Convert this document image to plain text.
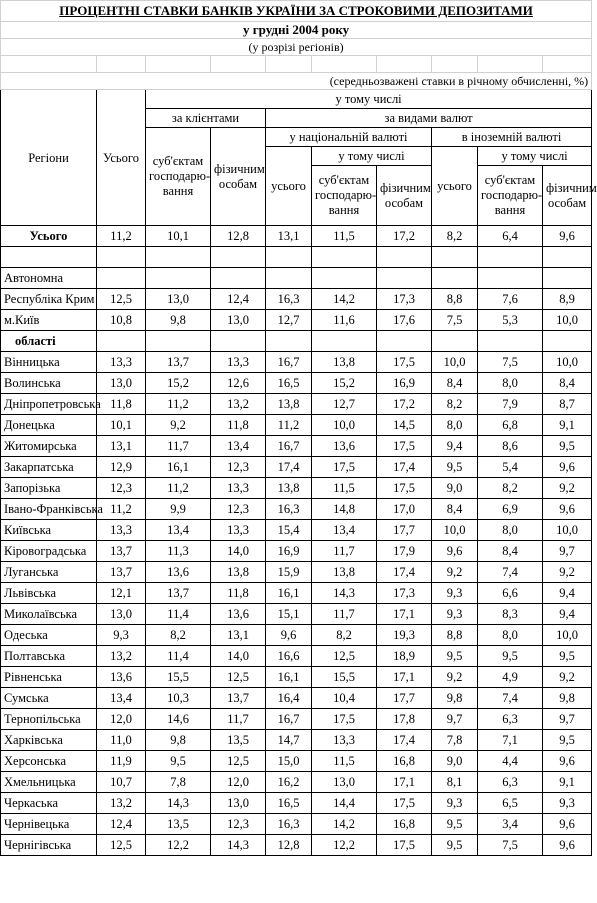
ПРОЦЕНТНІ СТАВКИ БАНКІВ УКРАЇНИ ЗА СТРОКОВИМИ ДЕПОЗИТАМИ									
у грудні 2004 року									
(у розрізі регіонів)									

(середньозважені ставки в річному обчисленні, %)									
Регіони	Усього	у тому числі							
		за клієнтами		за видами валют					
		суб'єктам господарю-вання	фізичним особам	у національній валюті			в іноземній валюті		
				усього	у тому числі		усього	у тому числі	
					суб'єктам господарю-вання	фізичним особам		суб'єктам господарю-вання	фізичним особам
Усього	11,2	10,1	12,8	13,1	11,5	17,2	8,2	6,4	9,6

Автономна									
Республіка Крим	12,5	13,0	12,4	16,3	14,2	17,3	8,8	7,6	8,9
м.Київ	10,8	9,8	13,0	12,7	11,6	17,6	7,5	5,3	10,0
області									
Вінницька	13,3	13,7	13,3	16,7	13,8	17,5	10,0	7,5	10,0
Волинська	13,0	15,2	12,6	16,5	15,2	16,9	8,4	8,0	8,4
Дніпропетровська	11,8	11,2	13,2	13,8	12,7	17,2	8,2	7,9	8,7
Донецька	10,1	9,2	11,8	11,2	10,0	14,5	8,0	6,8	9,1
Житомирська	13,1	11,7	13,4	16,7	13,6	17,5	9,4	8,6	9,5
Закарпатська	12,9	16,1	12,3	17,4	17,5	17,4	9,5	5,4	9,6
Запорізька	12,3	11,2	13,3	13,8	11,5	17,5	9,0	8,2	9,2
Івано-Франківська	11,2	9,9	12,3	16,3	14,8	17,0	8,4	6,9	9,6
Київська	13,3	13,4	13,3	15,4	13,4	17,7	10,0	8,0	10,0
Кіровоградська	13,7	11,3	14,0	16,9	11,7	17,9	9,6	8,4	9,7
Луганська	13,7	13,6	13,8	15,9	13,8	17,4	9,2	7,4	9,2
Львівська	12,1	13,7	11,8	16,1	14,3	17,3	9,3	6,6	9,4
Миколаївська	13,0	11,4	13,6	15,1	11,7	17,1	9,3	8,3	9,4
Одеська	9,3	8,2	13,1	9,6	8,2	19,3	8,8	8,0	10,0
Полтавська	13,2	11,4	14,0	16,6	12,5	18,9	9,5	9,5	9,5
Рівненська	13,6	15,5	12,5	16,1	15,5	17,1	9,2	4,9	9,2
Сумська	13,4	10,3	13,7	16,4	10,4	17,7	9,8	7,4	9,8
Тернопільська	12,0	14,6	11,7	16,7	17,5	17,8	9,7	6,3	9,7
Харківська	11,0	9,8	13,5	14,7	13,3	17,4	7,8	7,1	9,5
Херсонська	11,9	9,5	12,5	15,0	11,5	16,8	9,0	4,4	9,6
Хмельницька	10,7	7,8	12,0	16,2	13,0	17,1	8,1	6,3	9,1
Черкаська	13,2	14,3	13,0	16,5	14,4	17,5	9,3	6,5	9,3
Чернівецька	12,4	13,5	12,3	16,3	14,2	16,8	9,5	3,4	9,6
Чернігівська	12,5	12,2	14,3	12,8	12,2	17,5	9,5	7,5	9,6
